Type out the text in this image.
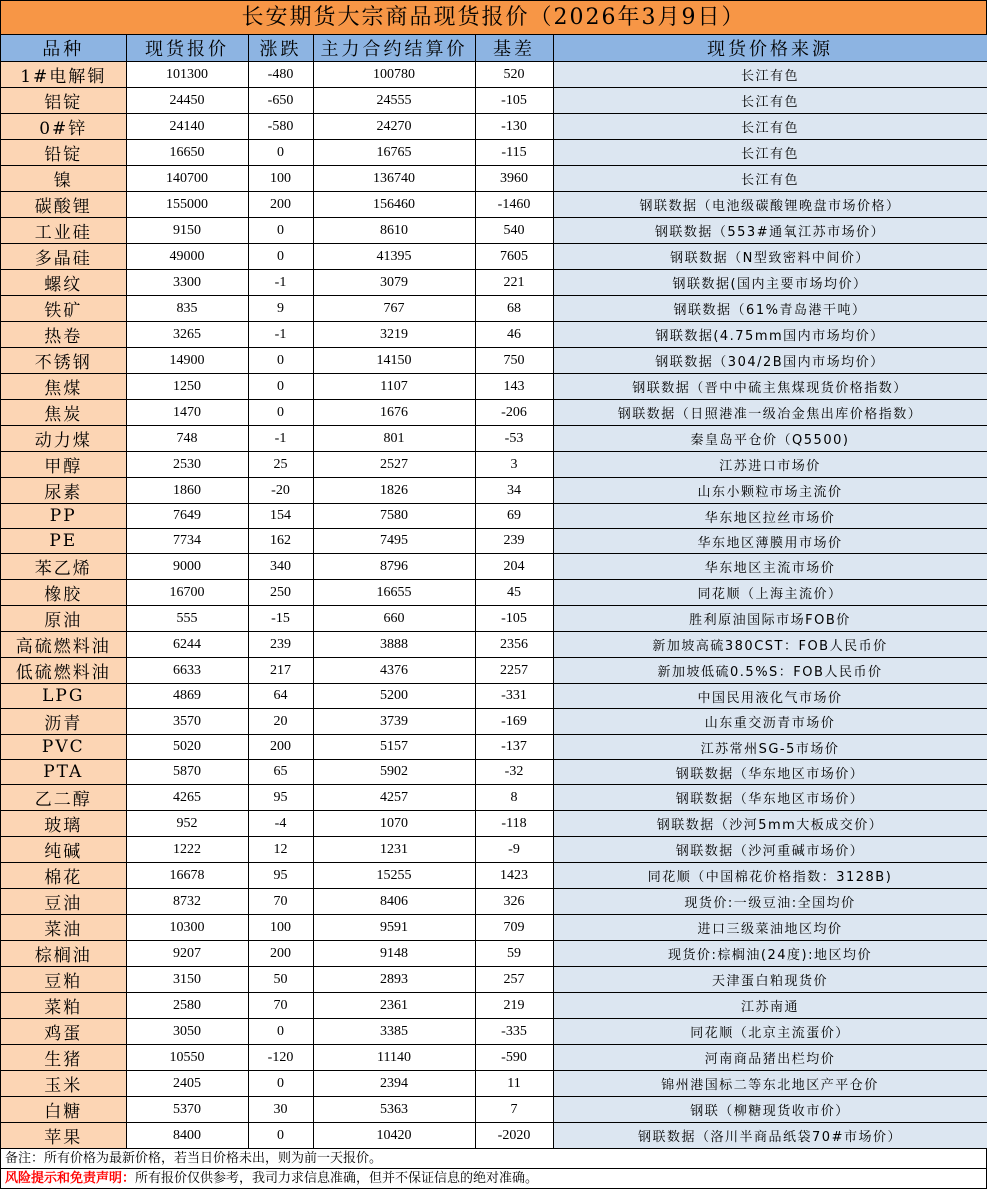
长安期货大宗商品现货报价（2026年3月9日）
品种	现货报价	涨跌	主力合约结算价	基差	现货价格来源
1#电解铜	101300	-480	100780	520	长江有色
铝锭	24450	-650	24555	-105	长江有色
0#锌	24140	-580	24270	-130	长江有色
铅锭	16650	0	16765	-115	长江有色
镍	140700	100	136740	3960	长江有色
碳酸锂	155000	200	156460	-1460	钢联数据（电池级碳酸锂晚盘市场价格）
工业硅	9150	0	8610	540	钢联数据（553#通氧江苏市场价）
多晶硅	49000	0	41395	7605	钢联数据（N型致密料中间价）
螺纹	3300	-1	3079	221	钢联数据(国内主要市场均价）
铁矿	835	9	767	68	钢联数据（61%青岛港干吨）
热卷	3265	-1	3219	46	钢联数据(4.75mm国内市场均价）
不锈钢	14900	0	14150	750	钢联数据（304/2B国内市场均价）
焦煤	1250	0	1107	143	钢联数据（晋中中硫主焦煤现货价格指数）
焦炭	1470	0	1676	-206	钢联数据（日照港准一级冶金焦出库价格指数）
动力煤	748	-1	801	-53	秦皇岛平仓价（Q5500)
甲醇	2530	25	2527	3	江苏进口市场价
尿素	1860	-20	1826	34	山东小颗粒市场主流价
PP	7649	154	7580	69	华东地区拉丝市场价
PE	7734	162	7495	239	华东地区薄膜用市场价
苯乙烯	9000	340	8796	204	华东地区主流市场价
橡胶	16700	250	16655	45	同花顺（上海主流价）
原油	555	-15	660	-105	胜利原油国际市场FOB价
高硫燃料油	6244	239	3888	2356	新加坡高硫380CST：FOB人民币价
低硫燃料油	6633	217	4376	2257	新加坡低硫0.5%S：FOB人民币价
LPG	4869	64	5200	-331	中国民用液化气市场价
沥青	3570	20	3739	-169	山东重交沥青市场价
PVC	5020	200	5157	-137	江苏常州SG-5市场价
PTA	5870	65	5902	-32	钢联数据（华东地区市场价）
乙二醇	4265	95	4257	8	钢联数据（华东地区市场价）
玻璃	952	-4	1070	-118	钢联数据（沙河5mm大板成交价）
纯碱	1222	12	1231	-9	钢联数据（沙河重碱市场价）
棉花	16678	95	15255	1423	同花顺（中国棉花价格指数：3128B)
豆油	8732	70	8406	326	现货价:一级豆油:全国均价
菜油	10300	100	9591	709	进口三级菜油地区均价
棕榈油	9207	200	9148	59	现货价:棕榈油(24度):地区均价
豆粕	3150	50	2893	257	天津蛋白粕现货价
菜粕	2580	70	2361	219	江苏南通
鸡蛋	3050	0	3385	-335	同花顺（北京主流蛋价）
生猪	10550	-120	11140	-590	河南商品猪出栏均价
玉米	2405	0	2394	11	锦州港国标二等东北地区产平仓价
白糖	5370	30	5363	7	钢联（柳糖现货收市价）
苹果	8400	0	10420	-2020	钢联数据（洛川半商品纸袋70#市场价）
备注：所有价格为最新价格，若当日价格未出，则为前一天报价。
风险提示和免责声明：所有报价仅供参考，我司力求信息准确，但并不保证信息的绝对准确。
